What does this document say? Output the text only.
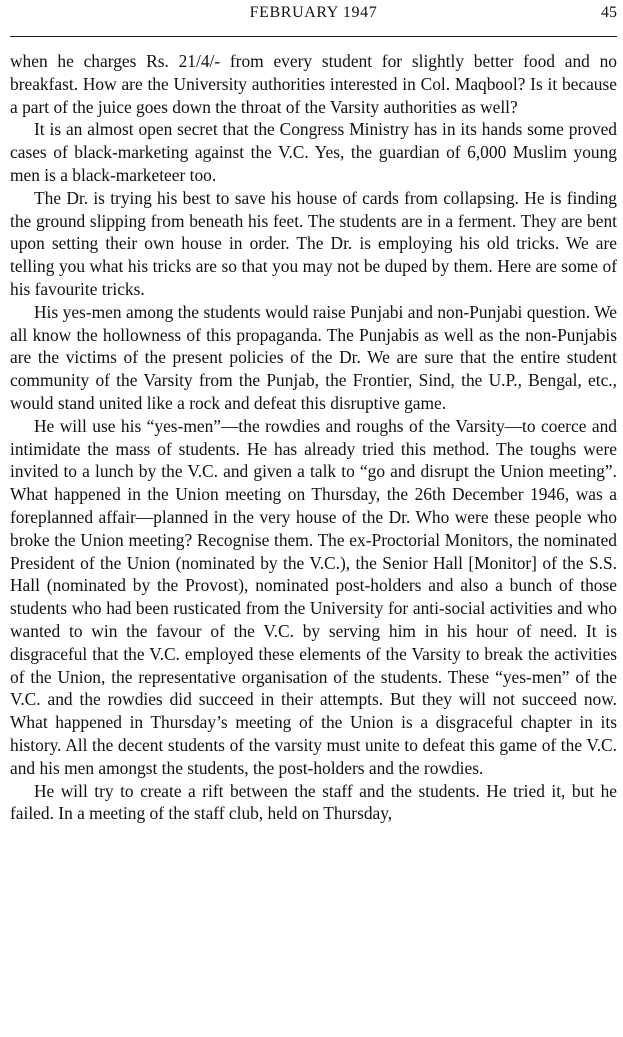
FEBRUARY 1947	45

when he charges Rs. 21/4/- from every student for slightly better food and no breakfast. How are the University authorities interested in Col. Maqbool? Is it because a part of the juice goes down the throat of the Varsity authorities as well?

It is an almost open secret that the Congress Ministry has in its hands some proved cases of black-marketing against the V.C. Yes, the guardian of 6,000 Muslim young men is a black-marketeer too.

The Dr. is trying his best to save his house of cards from collapsing. He is finding the ground slipping from beneath his feet. The students are in a ferment. They are bent upon setting their own house in order. The Dr. is employing his old tricks. We are telling you what his tricks are so that you may not be duped by them. Here are some of his favourite tricks.

His yes-men among the students would raise Punjabi and non-Punjabi question. We all know the hollowness of this propaganda. The Punjabis as well as the non-Punjabis are the victims of the present policies of the Dr. We are sure that the entire student community of the Varsity from the Punjab, the Frontier, Sind, the U.P., Bengal, etc., would stand united like a rock and defeat this disruptive game.

He will use his “yes-men”—the rowdies and roughs of the Varsity—to coerce and intimidate the mass of students. He has already tried this method. The toughs were invited to a lunch by the V.C. and given a talk to “go and disrupt the Union meeting”. What happened in the Union meeting on Thursday, the 26th December 1946, was a foreplanned affair—planned in the very house of the Dr. Who were these people who broke the Union meeting? Recognise them. The ex-Proctorial Monitors, the nominated President of the Union (nominated by the V.C.), the Senior Hall [Monitor] of the S.S. Hall (nominated by the Provost), nominated post-holders and also a bunch of those students who had been rusticated from the University for anti-social activities and who wanted to win the favour of the V.C. by serving him in his hour of need. It is disgraceful that the V.C. employed these elements of the Varsity to break the activities of the Union, the representative organisation of the students. These “yes-men” of the V.C. and the rowdies did succeed in their attempts. But they will not succeed now. What happened in Thursday’s meeting of the Union is a disgraceful chapter in its history. All the decent students of the varsity must unite to defeat this game of the V.C. and his men amongst the students, the post-holders and the rowdies.

He will try to create a rift between the staff and the students. He tried it, but he failed. In a meeting of the staff club, held on Thursday,
